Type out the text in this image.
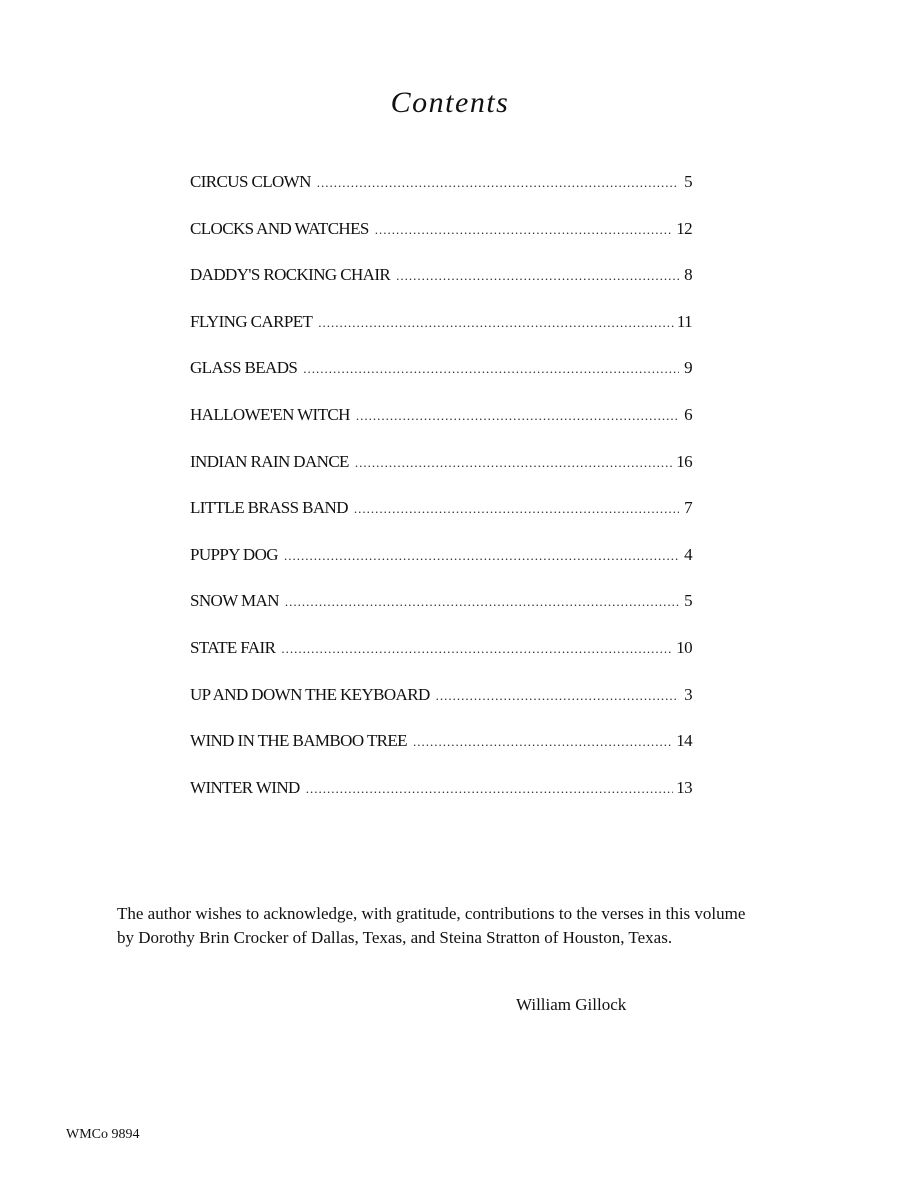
Contents
CIRCUS CLOWN .....	5
CLOCKS AND WATCHES .....	12
DADDY'S ROCKING CHAIR .....	8
FLYING CARPET .....	11
GLASS BEADS .....	9
HALLOWE'EN WITCH .....	6
INDIAN RAIN DANCE .....	16
LITTLE BRASS BAND .....	7
PUPPY DOG .....	4
SNOW MAN .....	5
STATE FAIR .....	10
UP AND DOWN THE KEYBOARD .....	3
WIND IN THE BAMBOO TREE .....	14
WINTER WIND .....	13

The author wishes to acknowledge, with gratitude, contributions to the verses in this volume by Dorothy Brin Crocker of Dallas, Texas, and Steina Stratton of Houston, Texas.

William Gillock

WMCo 9894
